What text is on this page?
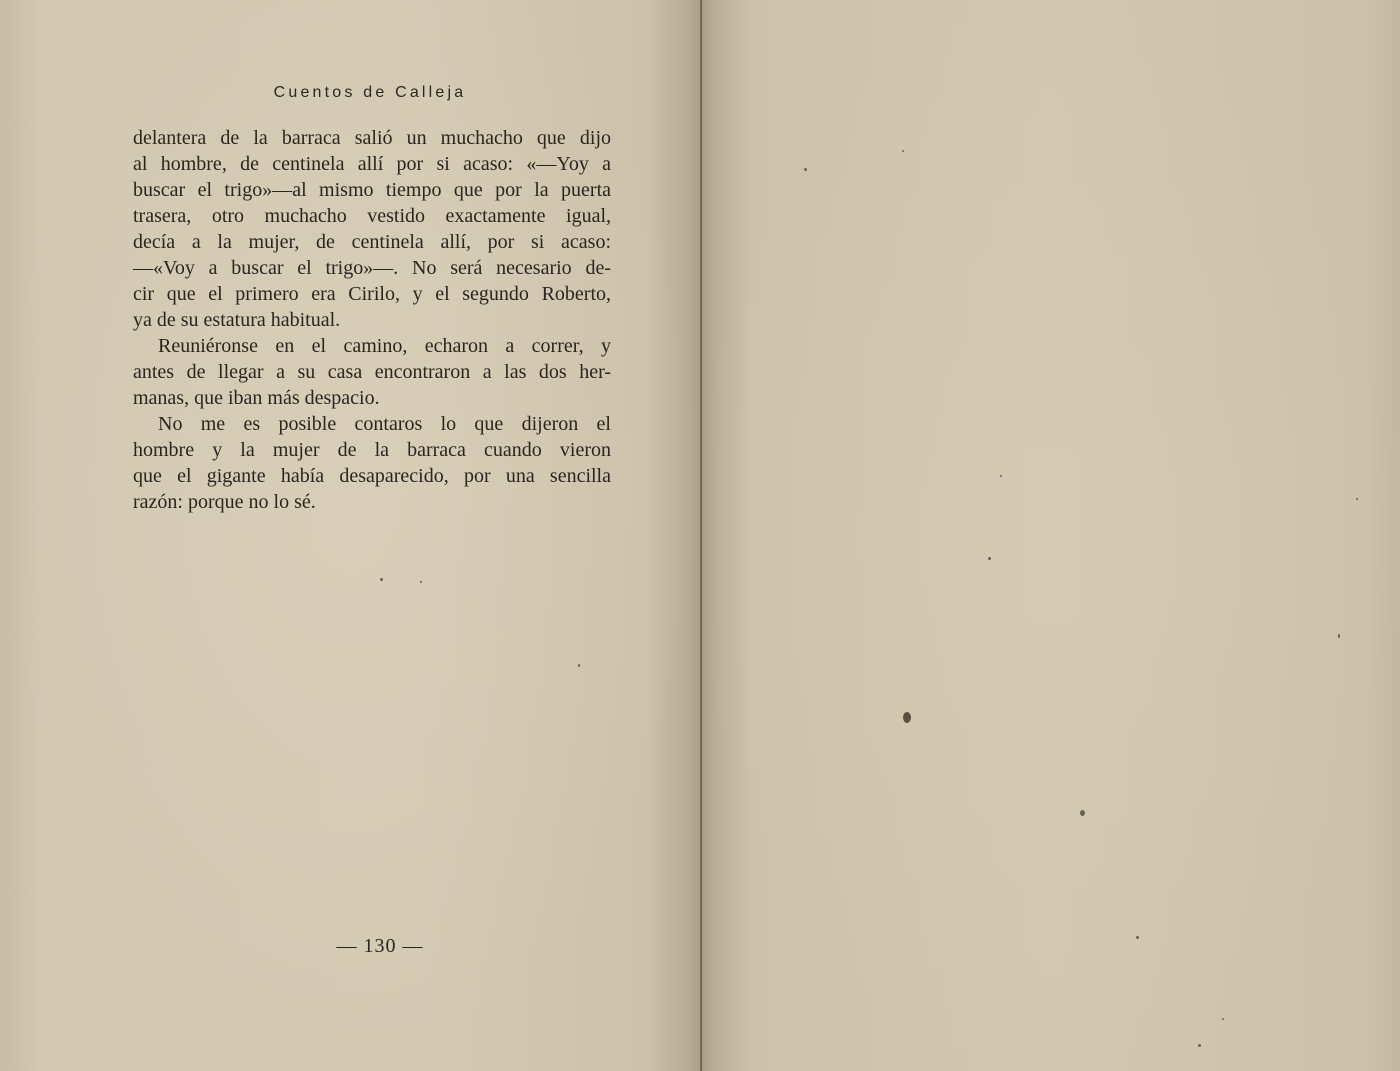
Cuentos de Calleja

delantera de la barraca salió un muchacho que dijo
al hombre, de centinela allí por si acaso: «—Yoy a
buscar el trigo»—al mismo tiempo que por la puerta
trasera, otro muchacho vestido exactamente igual,
decía a la mujer, de centinela allí, por si acaso:
—«Voy a buscar el trigo»—. No será necesario de-
cir que el primero era Cirilo, y el segundo Roberto,
ya de su estatura habitual.

Reuniéronse en el camino, echaron a correr, y
antes de llegar a su casa encontraron a las dos her-
manas, que iban más despacio.

No me es posible contaros lo que dijeron el
hombre y la mujer de la barraca cuando vieron
que el gigante había desaparecido, por una sencilla
razón: porque no lo sé.

— 130 —
